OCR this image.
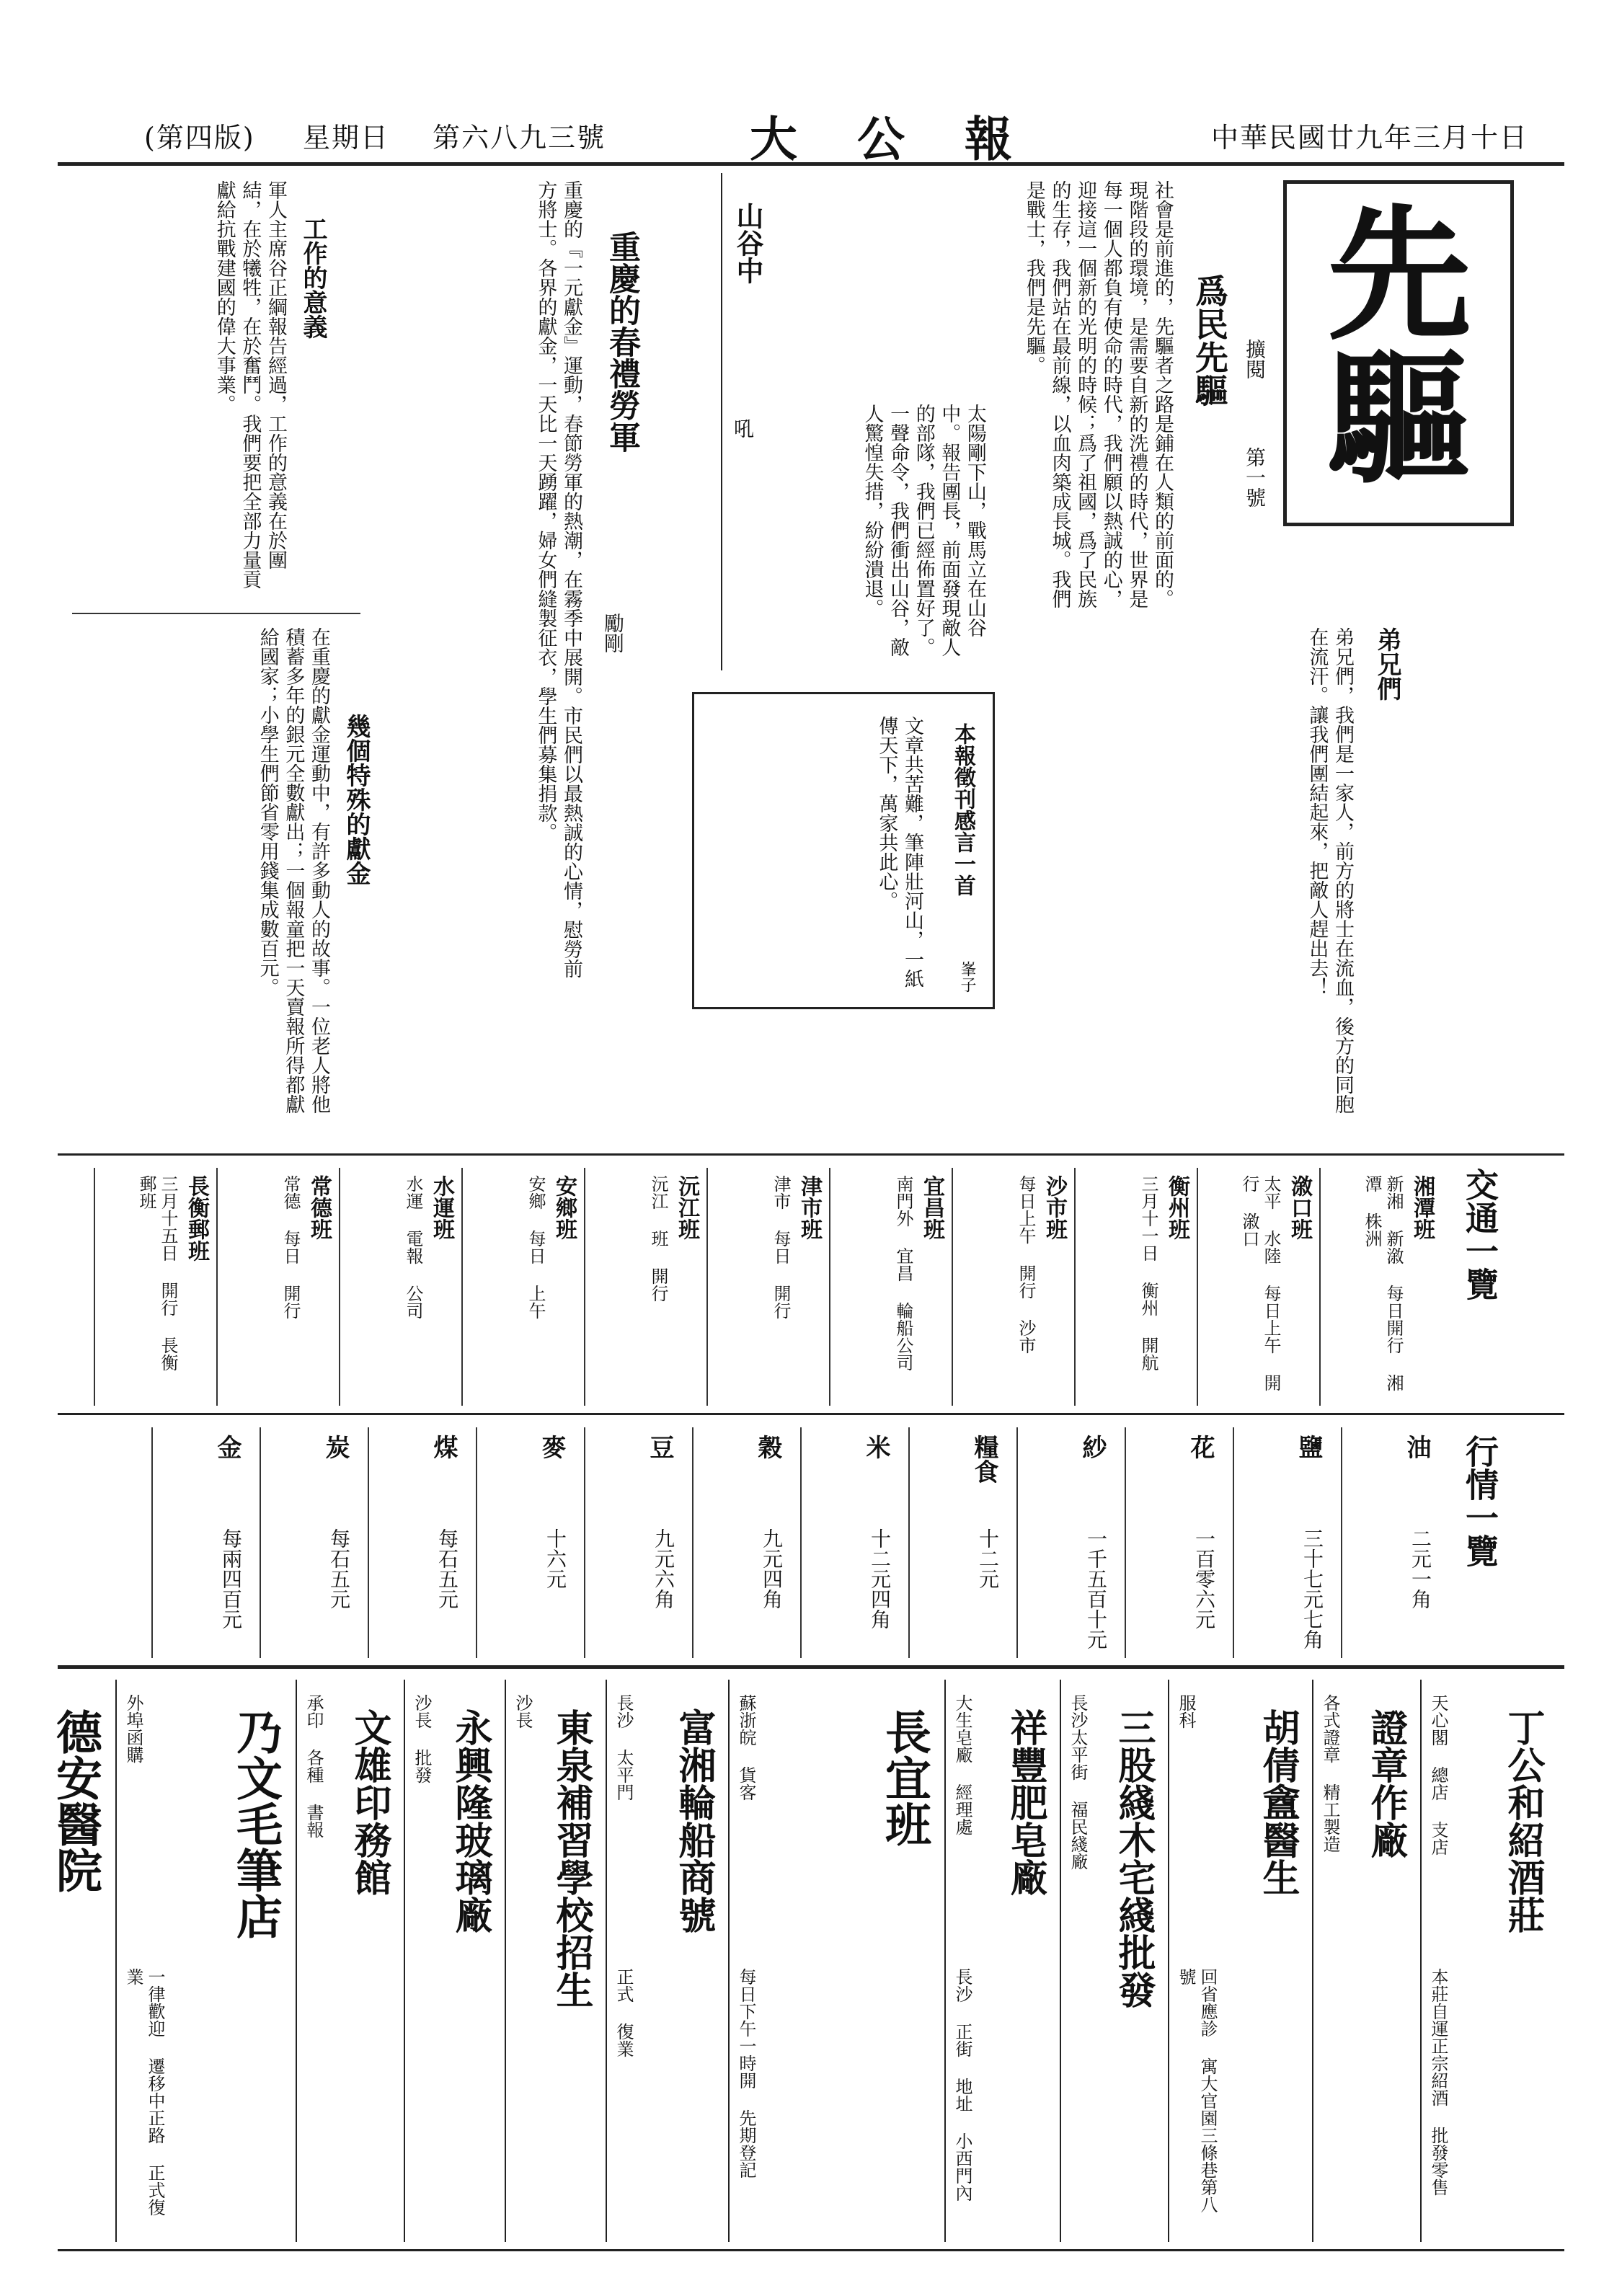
中華民國廿九年三月十日
大 公 報
第六八九三號
星期日
(第四版)
先驅
擴閱
第一號
爲民先驅
社會是前進的，先驅者之路是鋪在人類的前面的。現階段的環境，是需要自新的洗禮的時代，世界是每一個人都負有使命的時代，我們願以熱誠的心，迎接這一個新的光明的時候；爲了祖國，爲了民族的生存，我們站在最前線，以血肉築成長城。我們是戰士，我們是先驅。
山谷中
吼	太陽剛下山，戰馬立在山谷中。報告團長，前面發現敵人的部隊，我們已經佈置好了。一聲命令，我們衝出山谷，敵人驚惶失措，紛紛潰退。
重慶的春禮勞軍
勵剛
重慶的『一元獻金』運動，春節勞軍的熱潮，在霧季中展開。市民們以最熱誠的心情，慰勞前方將士。各界的獻金，一天比一天踴躍，婦女們縫製征衣，學生們募集捐款。
工作的意義
軍人主席谷正綱報告經過，工作的意義在於團結，在於犧牲，在於奮鬥。我們要把全部力量貢獻給抗戰建國的偉大事業。
幾個特殊的獻金
在重慶的獻金運動中，有許多動人的故事。一位老人將他積蓄多年的銀元全數獻出；一個報童把一天賣報所得都獻給國家；小學生們節省零用錢集成數百元。	本報徵刊感言一首
峯子
文章共苦難，筆陣壯河山，一紙傳天下，萬家共此心。
弟兄們
弟兄們，我們是一家人，前方的將士在流血，後方的同胞在流汗。讓我們團結起來，把敵人趕出去！
交通一覽
湘潭班
新湘 新漵 每日開行 湘潭 株洲
漵口班
太平 水陸 每日上午 開行 漵口
衡州班
三月十一日 衡州 開航
沙市班
每日上午 開行 沙市
宜昌班
南門外 宜昌 輪船公司
津市班
津市 每日 開行
沅江班
沅江 班 開行
安鄉班
安鄉 每日 上午
水運班
水運 電報 公司
常德班
常德 每日 開行
長衡郵班
三月十五日 開行 長衡 郵班
行情一覽
油
二元一角
鹽
三十七元七角
花
一百零六元
紗
一千五百十元
糧食
十二元
米
十二元四角
穀
九元四角
豆
九元六角
麥
十六元
煤
每石五元
炭
每石五元
金
每兩四百元
丁公和紹酒莊
天心閣 總店 支店
本莊自運正宗紹酒 批發零售
證章作廠
各式證章 精工製造
胡倩盦醫生
服科
回省應診 寓大官園三條巷第八號
三股綫木宅綫批發
長沙太平街 福民綫廠
祥豐肥皂廠
大生皂廠 經理處
長沙 正街 地址 小西門內
長宜班
蘇浙皖 貨客
每日下午一時開 先期登記
富湘輪船商號
長沙 太平門
正式 復業
東泉補習學校招生
沙長
永興隆玻璃廠
沙長 批發
文雄印務館
承印 各種 書報
乃文毛筆店
外埠函購
一律歡迎 遷移中正路 正式復業
德安醫院
